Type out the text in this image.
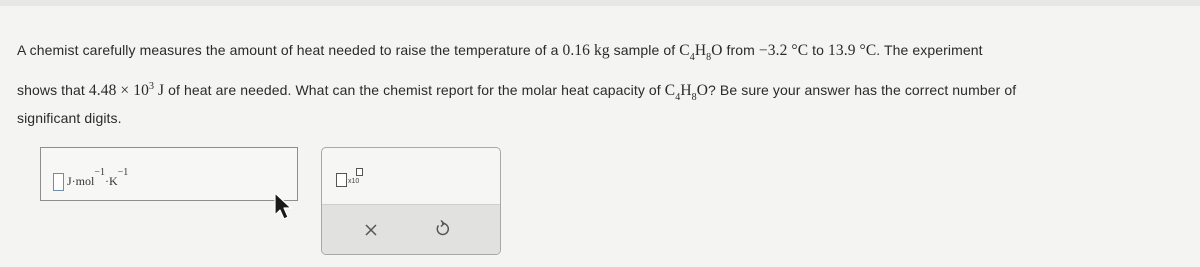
A chemist carefully measures the amount of heat needed to raise the temperature of a 0.16 kg sample of $C_4H_8O$ from −3.2 °C to 13.9 °C. The experiment
shows that $4.48 \times 10^3$ J of heat are needed. What can the chemist report for the molar heat capacity of $C_4H_8O$? Be sure your answer has the correct number of
significant digits.
$J\cdot mol^{-1}\cdot K^{-1}$
x10
